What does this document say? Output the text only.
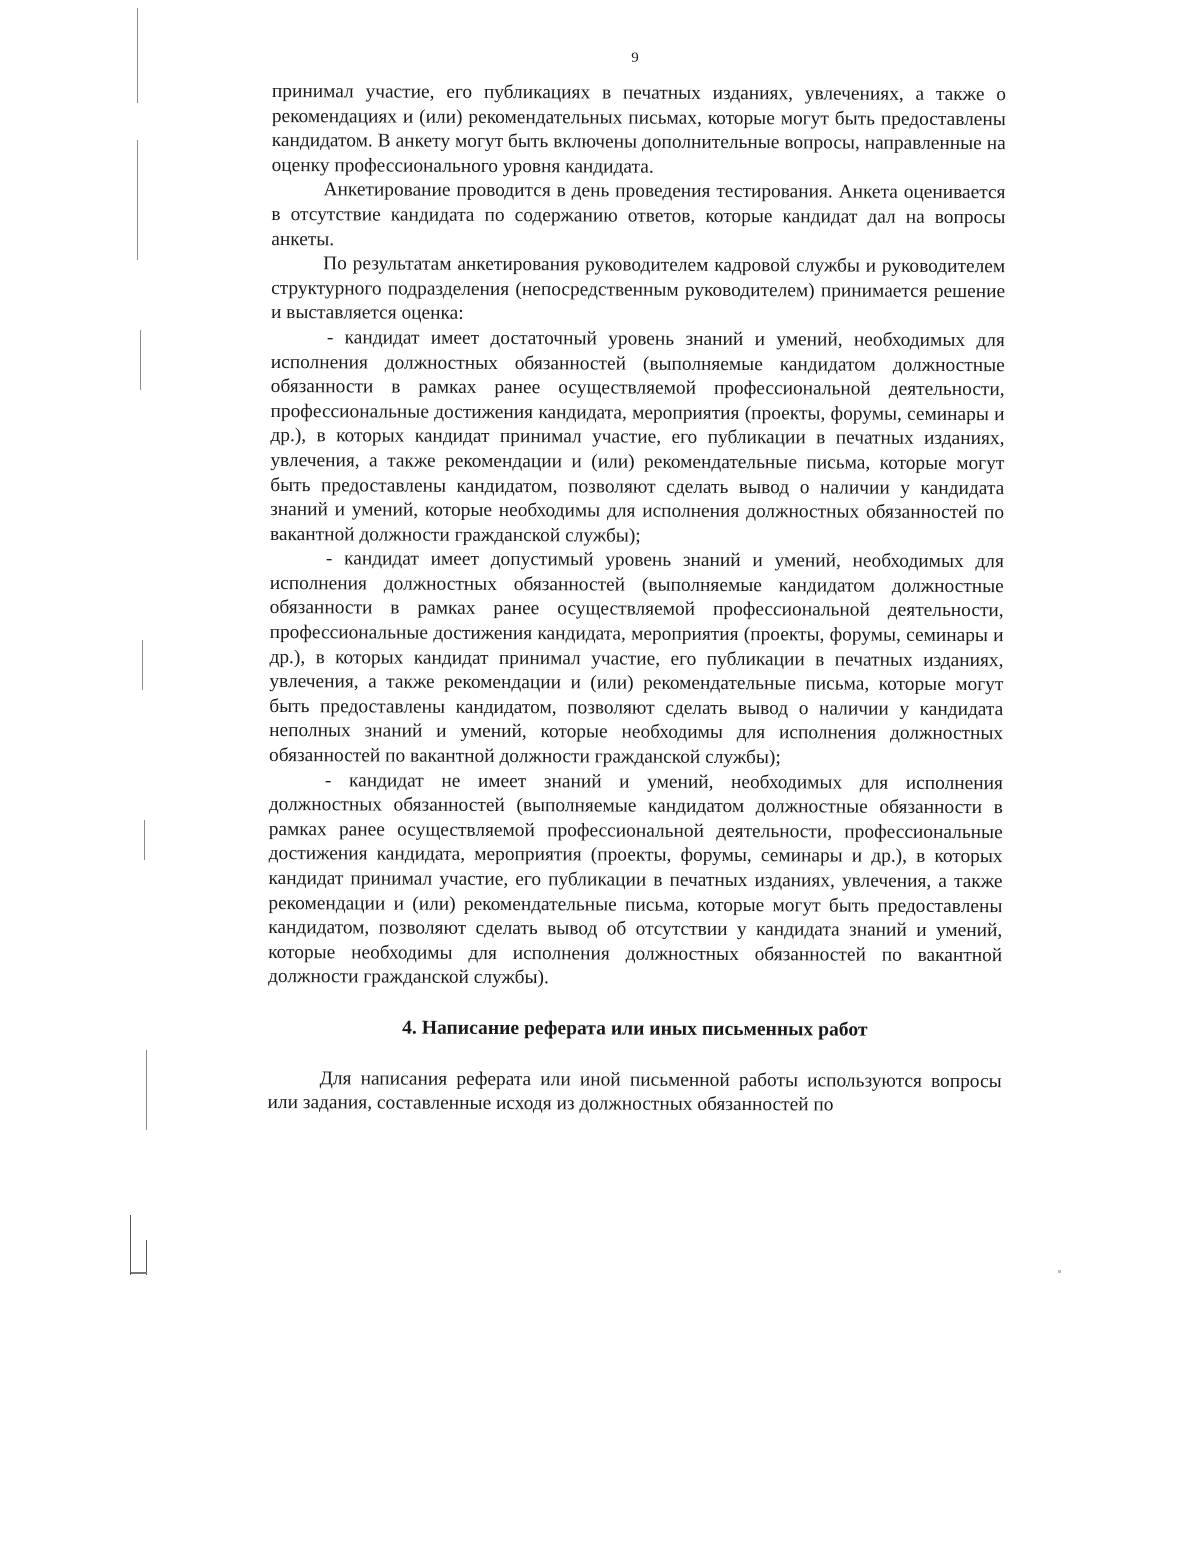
9

принимал участие, его публикациях в печатных изданиях, увлечениях, а также о рекомендациях и (или) рекомендательных письмах, которые могут быть предоставлены кандидатом. В анкету могут быть включены дополнительные вопросы, направленные на оценку профессионального уровня кандидата.

Анкетирование проводится в день проведения тестирования. Анкета оценивается в отсутствие кандидата по содержанию ответов, которые кандидат дал на вопросы анкеты.

По результатам анкетирования руководителем кадровой службы и руководителем структурного подразделения (непосредственным руководителем) принимается решение и выставляется оценка:

- кандидат имеет достаточный уровень знаний и умений, необходимых для исполнения должностных обязанностей (выполняемые кандидатом должностные обязанности в рамках ранее осуществляемой профессиональной деятельности, профессиональные достижения кандидата, мероприятия (проекты, форумы, семинары и др.), в которых кандидат принимал участие, его публикации в печатных изданиях, увлечения, а также рекомендации и (или) рекомендательные письма, которые могут быть предоставлены кандидатом, позволяют сделать вывод о наличии у кандидата знаний и умений, которые необходимы для исполнения должностных обязанностей по вакантной должности гражданской службы);

- кандидат имеет допустимый уровень знаний и умений, необходимых для исполнения должностных обязанностей (выполняемые кандидатом должностные обязанности в рамках ранее осуществляемой профессиональной деятельности, профессиональные достижения кандидата, мероприятия (проекты, форумы, семинары и др.), в которых кандидат принимал участие, его публикации в печатных изданиях, увлечения, а также рекомендации и (или) рекомендательные письма, которые могут быть предоставлены кандидатом, позволяют сделать вывод о наличии у кандидата неполных знаний и умений, которые необходимы для исполнения должностных обязанностей по вакантной должности гражданской службы);

- кандидат не имеет знаний и умений, необходимых для исполнения должностных обязанностей (выполняемые кандидатом должностные обязанности в рамках ранее осуществляемой профессиональной деятельности, профессиональные достижения кандидата, мероприятия (проекты, форумы, семинары и др.), в которых кандидат принимал участие, его публикации в печатных изданиях, увлечения, а также рекомендации и (или) рекомендательные письма, которые могут быть предоставлены кандидатом, позволяют сделать вывод об отсутствии у кандидата знаний и умений, которые необходимы для исполнения должностных обязанностей по вакантной должности гражданской службы).

4. Написание реферата или иных письменных работ

Для написания реферата или иной письменной работы используются вопросы или задания, составленные исходя из должностных обязанностей по
